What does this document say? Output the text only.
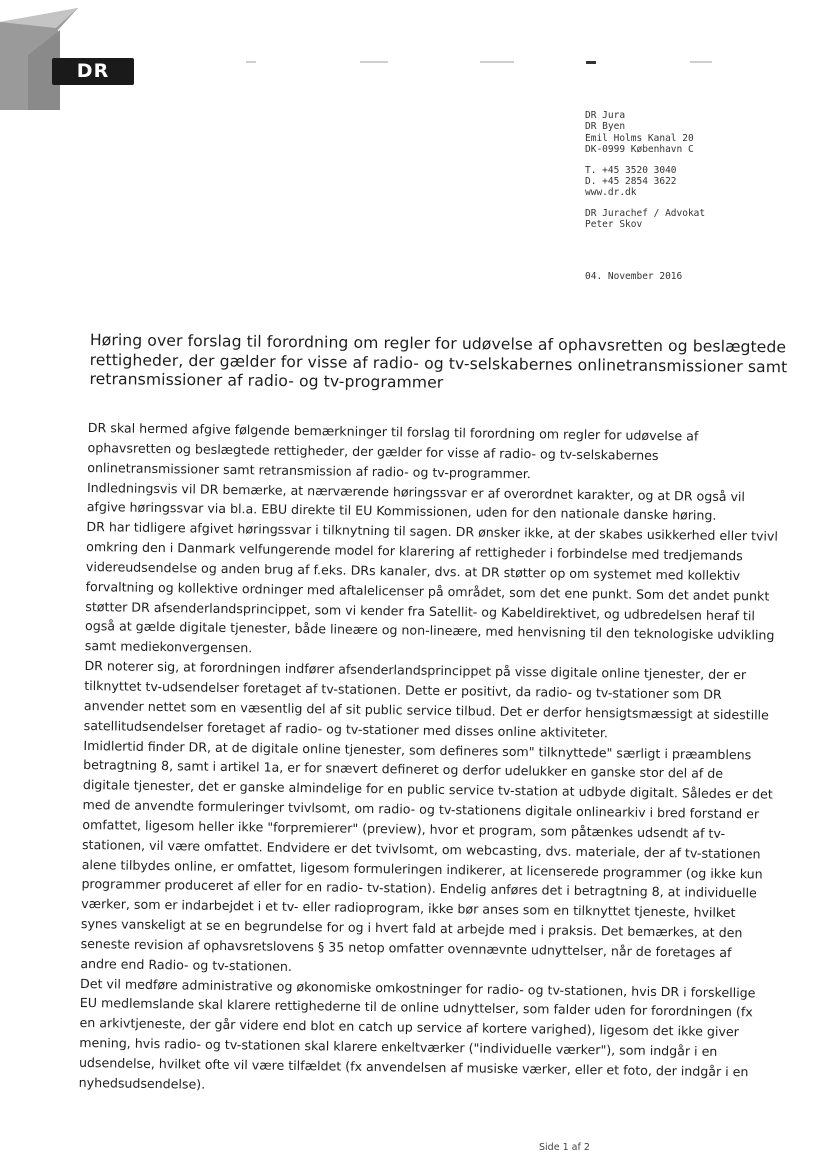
DR
DR Jura
DR Byen
Emil Holms Kanal 20
DK-0999 København C
T. +45 3520 3040
D. +45 2854 3622
www.dr.dk
DR Jurachef / Advokat
Peter Skov
04. November 2016
Høring over forslag til forordning om regler for udøvelse af ophavsretten og beslægtede
rettigheder, der gælder for visse af radio- og tv-selskabernes onlinetransmissioner samt
retransmissioner af radio- og tv-programmer
DR skal hermed afgive følgende bemærkninger til forslag til forordning om regler for udøvelse af
ophavsretten og beslægtede rettigheder, der gælder for visse af radio- og tv-selskabernes
onlinetransmissioner samt retransmission af radio- og tv-programmer.
Indledningsvis vil DR bemærke, at nærværende høringssvar er af overordnet karakter, og at DR også vil
afgive høringssvar via bl.a. EBU direkte til EU Kommissionen, uden for den nationale danske høring.
DR har tidligere afgivet høringssvar i tilknytning til sagen. DR ønsker ikke, at der skabes usikkerhed eller tvivl
omkring den i Danmark velfungerende model for klarering af rettigheder i forbindelse med tredjemands
videreudsendelse og anden brug af f.eks. DRs kanaler, dvs. at DR støtter op om systemet med kollektiv
forvaltning og kollektive ordninger med aftalelicenser på området, som det ene punkt. Som det andet punkt
støtter DR afsenderlandsprincippet, som vi kender fra Satellit- og Kabeldirektivet, og udbredelsen heraf til
også at gælde digitale tjenester, både lineære og non-lineære, med henvisning til den teknologiske udvikling
samt mediekonvergensen.
DR noterer sig, at forordningen indfører afsenderlandsprincippet på visse digitale online tjenester, der er
tilknyttet tv-udsendelser foretaget af tv-stationen. Dette er positivt, da radio- og tv-stationer som DR
anvender nettet som en væsentlig del af sit public service tilbud. Det er derfor hensigtsmæssigt at sidestille
satellitudsendelser foretaget af radio- og tv-stationer med disses online aktiviteter.
Imidlertid finder DR, at de digitale online tjenester, som defineres som" tilknyttede" særligt i præamblens
betragtning 8, samt i artikel 1a, er for snævert defineret og derfor udelukker en ganske stor del af de
digitale tjenester, det er ganske almindelige for en public service tv-station at udbyde digitalt. Således er det
med de anvendte formuleringer tvivlsomt, om radio- og tv-stationens digitale onlinearkiv i bred forstand er
omfattet, ligesom heller ikke "forpremierer" (preview), hvor et program, som påtænkes udsendt af tv-
stationen, vil være omfattet. Endvidere er det tvivlsomt, om webcasting, dvs. materiale, der af tv-stationen
alene tilbydes online, er omfattet, ligesom formuleringen indikerer, at licenserede programmer (og ikke kun
programmer produceret af eller for en radio- tv-station). Endelig anføres det i betragtning 8, at individuelle
værker, som er indarbejdet i et tv- eller radioprogram, ikke bør anses som en tilknyttet tjeneste, hvilket
synes vanskeligt at se en begrundelse for og i hvert fald at arbejde med i praksis. Det bemærkes, at den
seneste revision af ophavsretslovens § 35 netop omfatter ovennævnte udnyttelser, når de foretages af
andre end Radio- og tv-stationen.
Det vil medføre administrative og økonomiske omkostninger for radio- og tv-stationen, hvis DR i forskellige
EU medlemslande skal klarere rettighederne til de online udnyttelser, som falder uden for forordningen (fx
en arkivtjeneste, der går videre end blot en catch up service af kortere varighed), ligesom det ikke giver
mening, hvis radio- og tv-stationen skal klarere enkeltværker ("individuelle værker"), som indgår i en
udsendelse, hvilket ofte vil være tilfældet (fx anvendelsen af musiske værker, eller et foto, der indgår i en
nyhedsudsendelse).
Side 1 af 2
